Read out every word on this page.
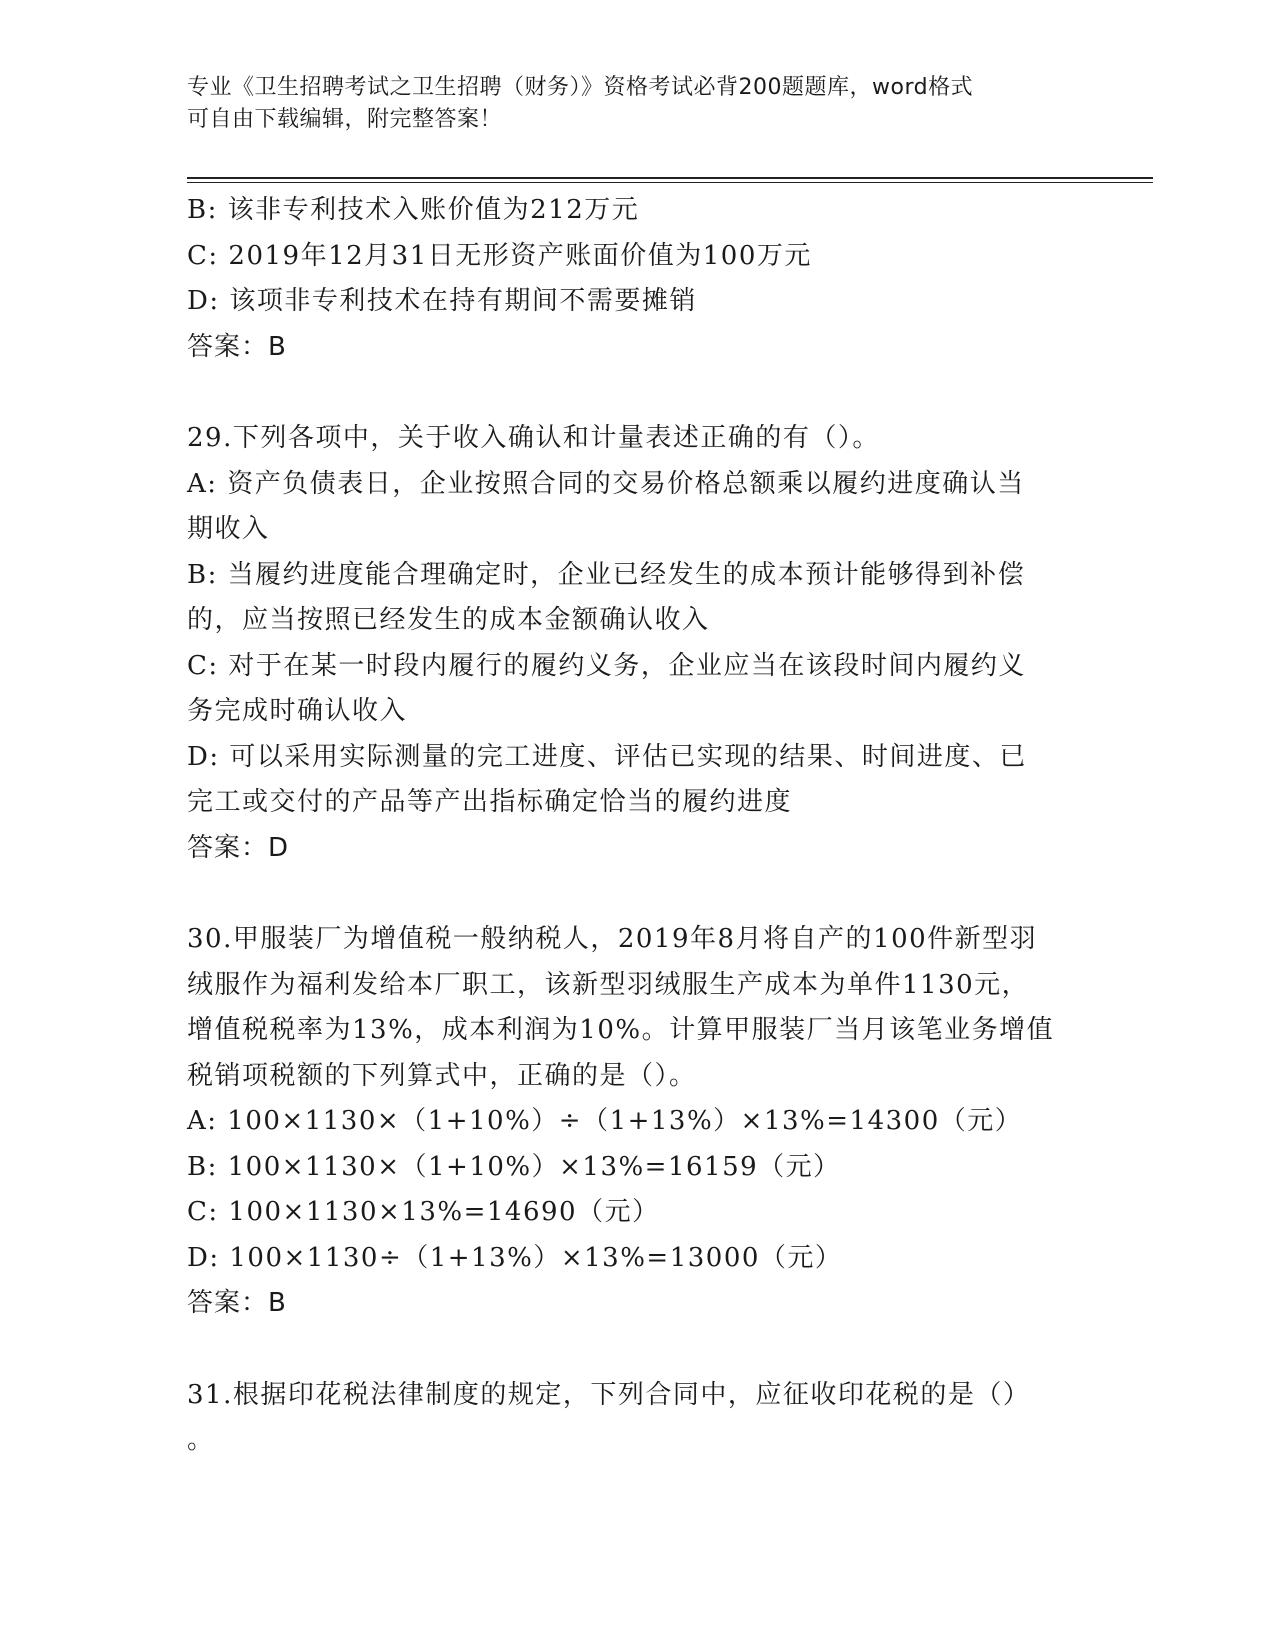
专业《卫生招聘考试之卫生招聘（财务）》资格考试必背200题题库，word格式

可自由下载编辑，附完整答案！

B: 该非专利技术入账价值为212万元

C: 2019年12月31日无形资产账面价值为100万元

D: 该项非专利技术在持有期间不需要摊销

答案：B

29.下列各项中，关于收入确认和计量表述正确的有（）。

A: 资产负债表日，企业按照合同的交易价格总额乘以履约进度确认当

期收入

B: 当履约进度能合理确定时，企业已经发生的成本预计能够得到补偿

的，应当按照已经发生的成本金额确认收入

C: 对于在某一时段内履行的履约义务，企业应当在该段时间内履约义

务完成时确认收入

D: 可以采用实际测量的完工进度、评估已实现的结果、时间进度、已

完工或交付的产品等产出指标确定恰当的履约进度

答案：D

30.甲服装厂为增值税一般纳税人，2019年8月将自产的100件新型羽

绒服作为福利发给本厂职工，该新型羽绒服生产成本为单件1130元，

增值税税率为13%，成本利润为10%。计算甲服装厂当月该笔业务增值

税销项税额的下列算式中，正确的是（）。

A: 100×1130×（1+10%）÷（1+13%）×13%=14300（元）

B: 100×1130×（1+10%）×13%=16159（元）

C: 100×1130×13%=14690（元）

D: 100×1130÷（1+13%）×13%=13000（元）

答案：B

31.根据印花税法律制度的规定，下列合同中，应征收印花税的是（）

。
